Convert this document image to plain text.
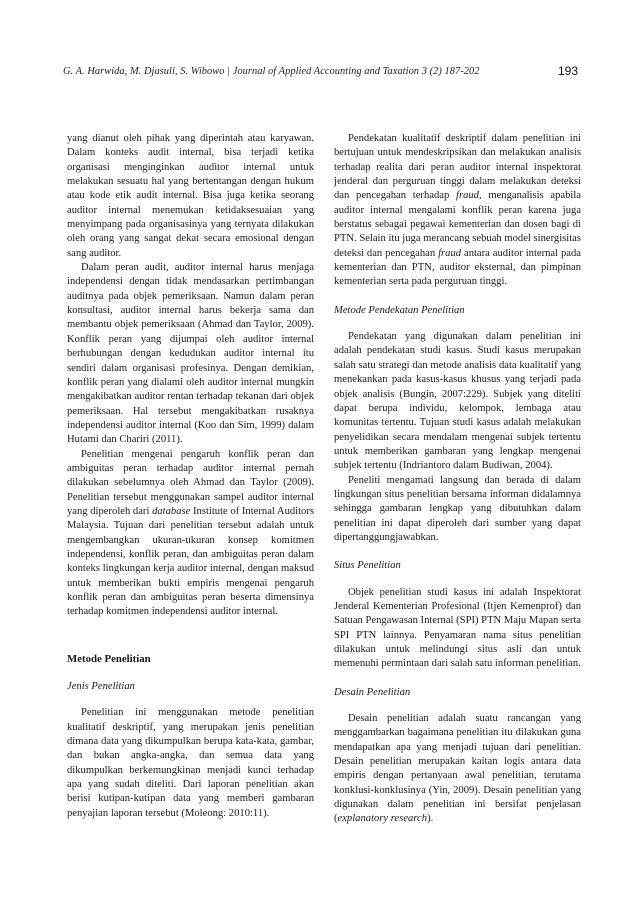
G. A. Harwida, M. Djasuli, S. Wibowo | Journal of Applied Accounting and Taxation 3 (2) 187-202	193

yang dianut oleh pihak yang diperintah atau karyawan. Dalam konteks audit internal, bisa terjadi ketika organisasi menginginkan auditor internal untuk melakukan sesuatu hal yang bertentangan dengan hukum atau kode etik audit internal. Bisa juga ketika seorang auditor internal menemukan ketidaksesuaian yang menyimpang pada organisasinya yang ternyata dilakukan oleh orang yang sangat dekat secara emosional dengan sang auditor.

Dalam peran audit, auditor internal harus menjaga independensi dengan tidak mendasarkan pertimbangan auditnya pada objek pemeriksaan. Namun dalam peran konsultasi, auditor internal harus bekerja sama dan membantu objek pemeriksaan (Ahmad dan Taylor, 2009). Konflik peran yang dijumpai oleh auditor internal berhubungan dengan kedudukan auditor internal itu sendiri dalam organisasi profesinya. Dengan demikian, konflik peran yang dialami oleh auditor internal mungkin mengakibatkan auditor rentan terhadap tekanan dari objek pemeriksaan. Hal tersebut mengakibatkan rusaknya independensi auditor internal (Koo dan Sim, 1999) dalam Hutami dan Chariri (2011).

Penelitian mengenai pengaruh konflik peran dan ambiguitas peran terhadap auditor internal pernah dilakukan sebelumnya oleh Ahmad dan Taylor (2009). Penelitian tersebut menggunakan sampel auditor internal yang diperoleh dari database Institute of Internal Auditors Malaysia. Tujuan dari penelitian tersebut adalah untuk mengembangkan ukuran-ukuran konsep komitmen independensi, konflik peran, dan ambiguitas peran dalam konteks lingkungan kerja auditor internal, dengan maksud untuk memberikan bukti empiris mengenai pengaruh konflik peran dan ambiguitas peran beserta dimensinya terhadap komitmen independensi auditor internal.

Metode Penelitian
Jenis Penelitian

Penelitian ini menggunakan metode penelitian kualitatif deskriptif, yang merupakan jenis penelitian dimana data yang dikumpulkan berupa kata-kata, gambar, dan bukan angka-angka, dan semua data yang dikumpulkan berkemungkinan menjadi kunci terhadap apa yang sudah diteliti. Dari laporan penelitian akan berisi kutipan-kutipan data yang memberi gambaran penyajian laporan tersebut (Moleong: 2010:11).

Pendekatan kualitatif deskriptif dalam penelitian ini bertujuan untuk mendeskripsikan dan melakukan analisis terhadap realita dari peran auditor internal inspektorat jenderal dan perguruan tinggi dalam melakukan deteksi dan pencegahan terhadap fraud, menganalisis apabila auditor internal mengalami konflik peran karena juga berstatus sebagai pegawai kementerian dan dosen bagi di PTN. Selain itu juga merancang sebuah model sinergisitas deteksi dan pencegahan fraud antara auditor internal pada kementerian dan PTN, auditor eksternal, dan pimpinan kementerian serta pada perguruan tinggi.

Metode Pendekatan Penelitian

Pendekatan yang digunakan dalam penelitian ini adalah pendekatan studi kasus. Studi kasus merupakan salah satu strategi dan metode analisis data kualitatif yang menekankan pada kasus-kasus khusus yang terjadi pada objek analisis (Bungin, 2007:229). Subjek yang diteliti dapat berupa individu, kelompok, lembaga atau komunitas tertentu. Tujuan studi kasus adalah melakukan penyelidikan secara mendalam mengenai subjek tertentu untuk memberikan gambaran yang lengkap mengenai subjek tertentu (Indriantoro dalam Budiwan, 2004).

Peneliti mengamati langsung dan berada di dalam lingkungan situs penelitian bersama informan didalamnya sehingga gambaran lengkap yang dibutuhkan dalam penelitian ini dapat diperoleh dari sumber yang dapat dipertanggungjawabkan.

Situs Penelitian

Objek penelitian studi kasus ini adalah Inspektorat Jenderal Kementerian Profesional (Itjen Kemenprof) dan Satuan Pengawasan Internal (SPI) PTN Maju Mapan serta SPI PTN lainnya. Penyamaran nama situs penelitian dilakukan untuk melindungi situs asli dan untuk memenuhi permintaan dari salah satu informan penelitian.

Desain Penelitian

Desain penelitian adalah suatu rancangan yang menggambarkan bagaimana penelitian itu dilakukan guna mendapatkan apa yang menjadi tujuan dari penelitian. Desain penelitian merupakan kaitan logis antara data empiris dengan pertanyaan awal penelitian, terutama konklusi-konklusinya (Yin, 2009). Desain penelitian yang digunakan dalam penelitian ini bersifat penjelasan (explanatory research).
